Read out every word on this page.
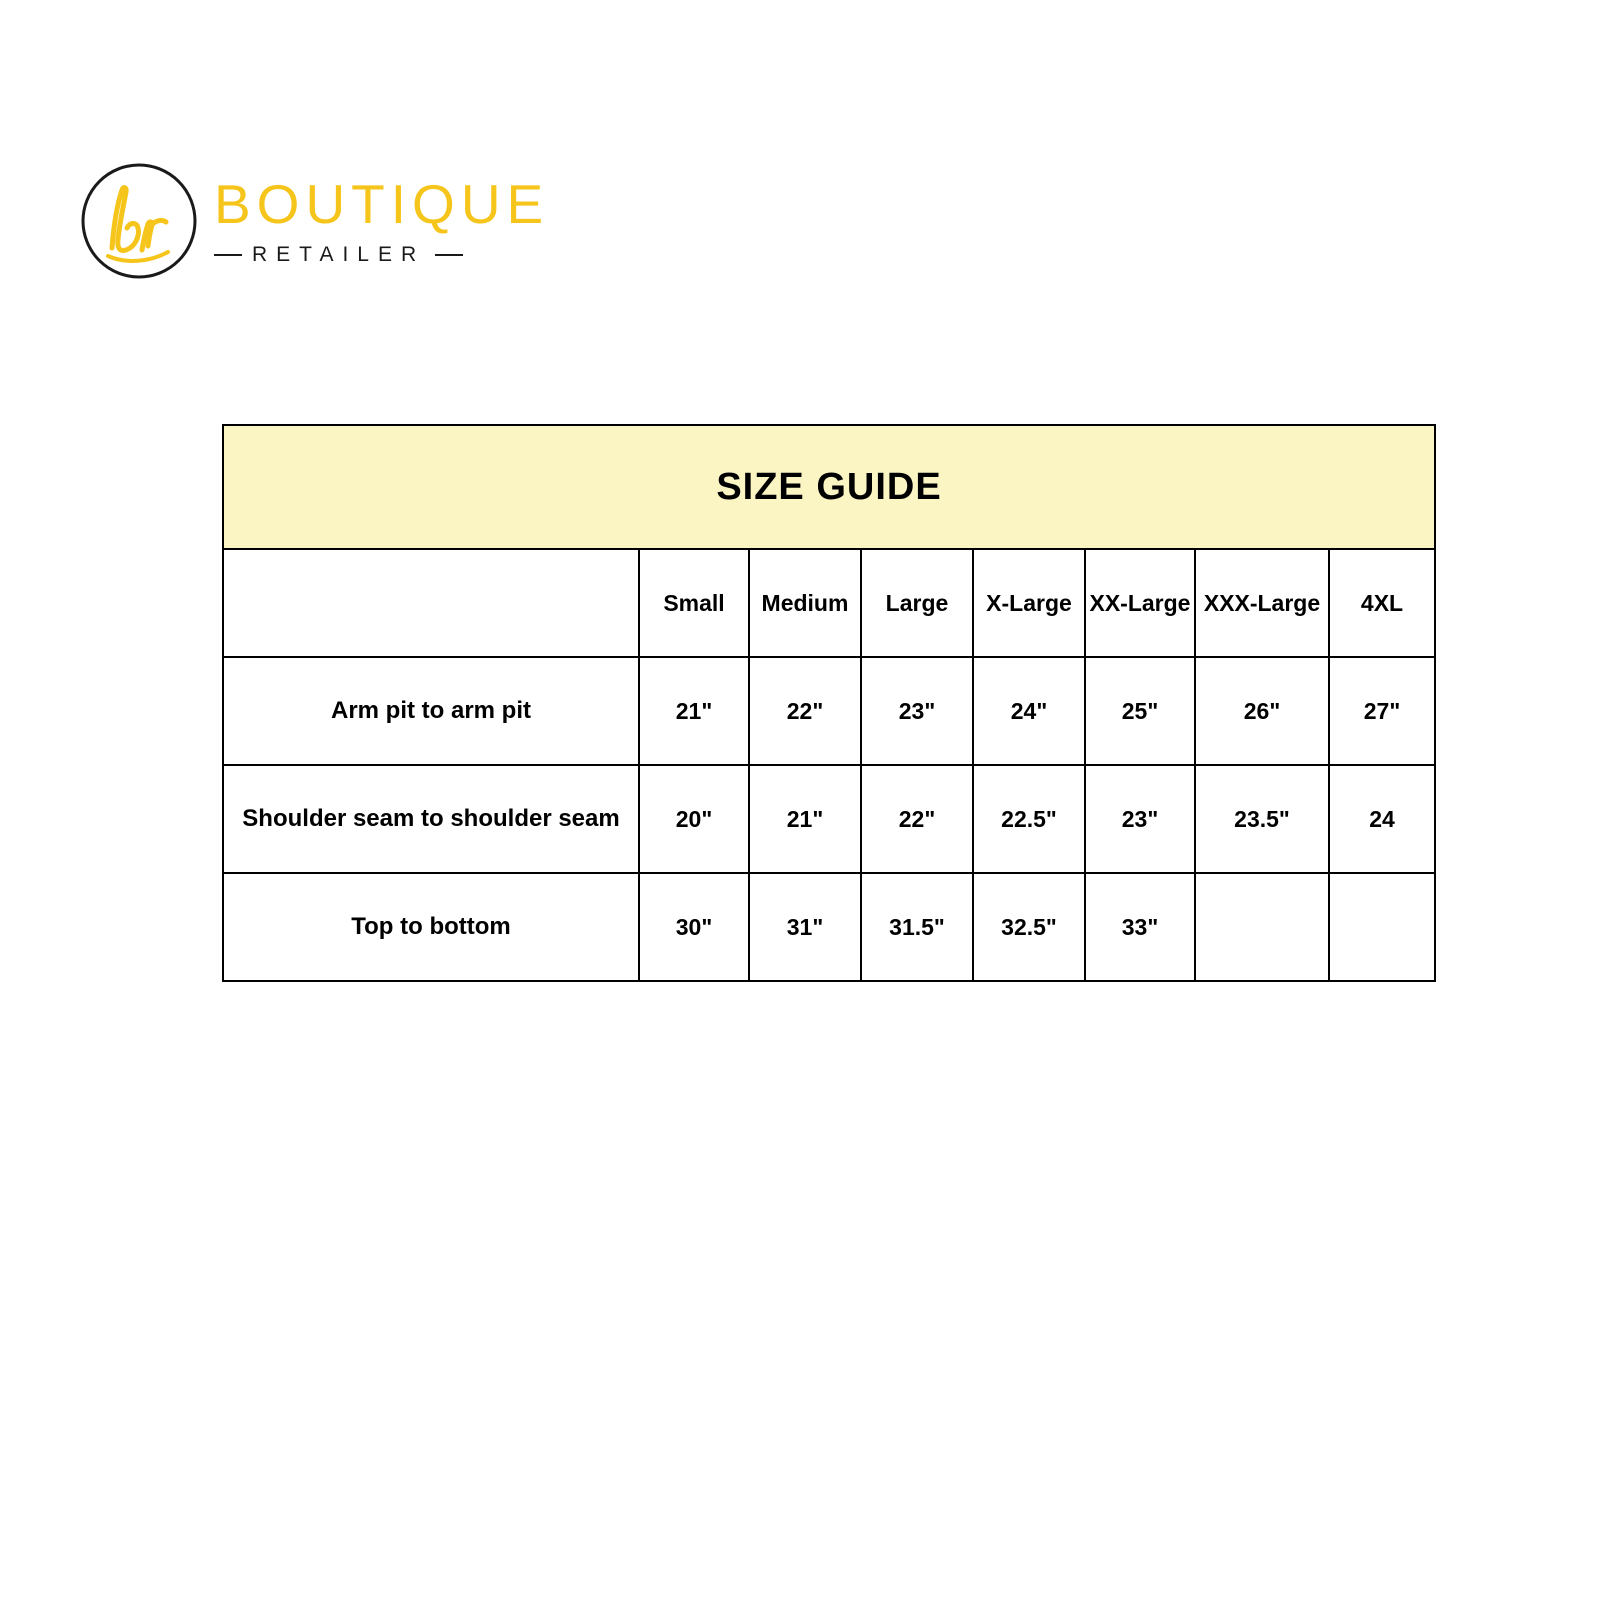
BOUTIQUE
RETAILER
SIZE GUIDE							
	Small	Medium	Large	X-Large	XX-Large	XXX-Large	4XL
Arm pit to arm pit	21"	22"	23"	24"	25"	26"	27"
Shoulder seam to shoulder seam	20"	21"	22"	22.5"	23"	23.5"	24
Top to bottom	30"	31"	31.5"	32.5"	33"		
